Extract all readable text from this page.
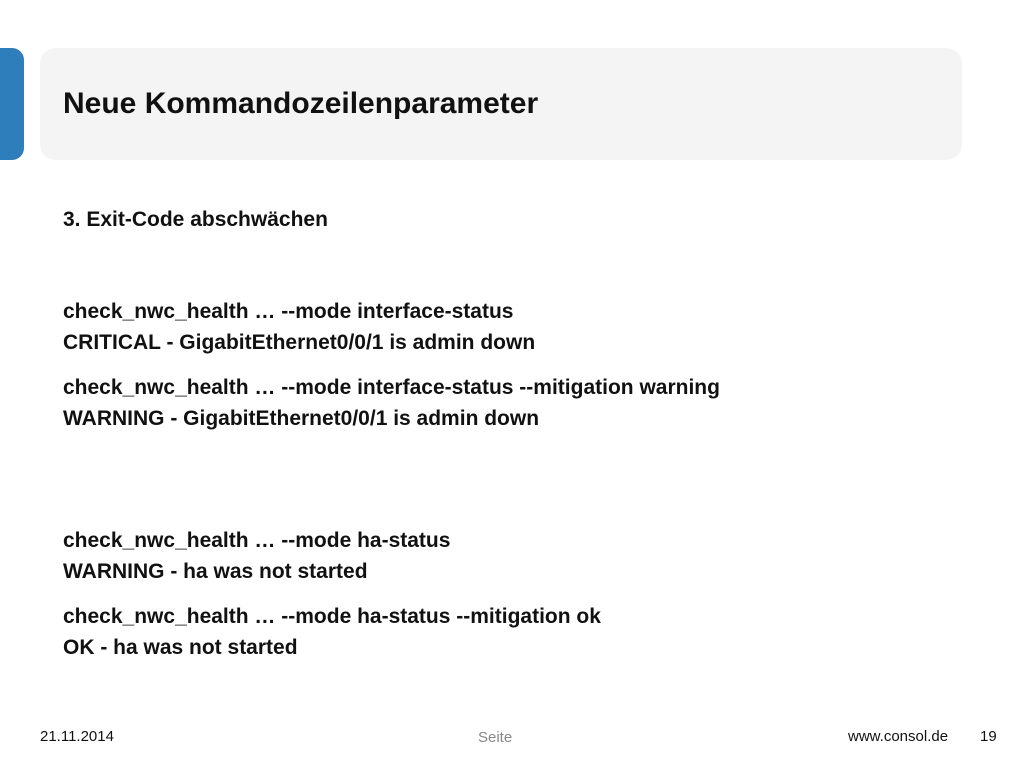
Neue Kommandozeilenparameter
3. Exit-Code abschwächen
check_nwc_health … --mode interface-status
CRITICAL - GigabitEthernet0/0/1 is admin down
check_nwc_health … --mode interface-status --mitigation warning
WARNING - GigabitEthernet0/0/1 is admin down
check_nwc_health … --mode ha-status
WARNING - ha was not started
check_nwc_health … --mode ha-status --mitigation ok
OK - ha was not started
21.11.2014	Seite	www.consol.de 19
